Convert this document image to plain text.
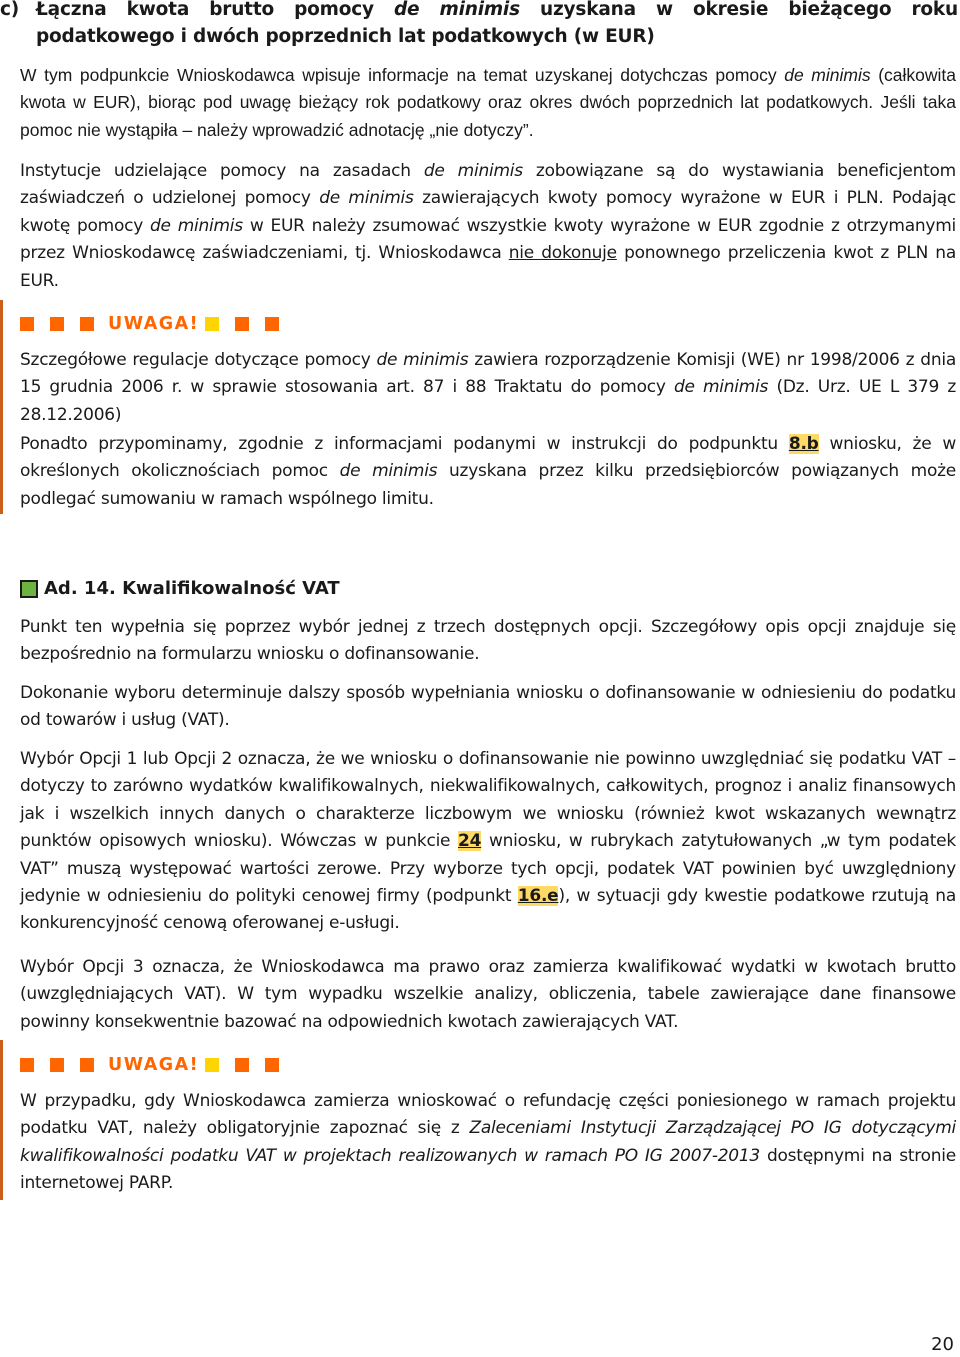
c) Łączna kwota brutto pomocy de minimis uzyskana w okresie bieżącego roku
podatkowego i dwóch poprzednich lat podatkowych (w EUR)

W tym podpunkcie Wnioskodawca wpisuje informacje na temat uzyskanej dotychczas pomocy de minimis (całkowita kwota w EUR), biorąc pod uwagę bieżący rok podatkowy oraz okres dwóch poprzednich lat podatkowych. Jeśli taka pomoc nie wystąpiła – należy wprowadzić adnotację „nie dotyczy”.

Instytucje udzielające pomocy na zasadach de minimis zobowiązane są do wystawiania beneficjentom zaświadczeń o udzielonej pomocy de minimis zawierających kwoty pomocy wyrażone w EUR i PLN. Podając kwotę pomocy de minimis w EUR należy zsumować wszystkie kwoty wyrażone w EUR zgodnie z otrzymanymi przez Wnioskodawcę zaświadczeniami, tj. Wnioskodawca nie dokonuje ponownego przeliczenia kwot z PLN na EUR.

UWAGA!

Szczegółowe regulacje dotyczące pomocy de minimis zawiera rozporządzenie Komisji (WE) nr 1998/2006 z dnia 15 grudnia 2006 r. w sprawie stosowania art. 87 i 88 Traktatu do pomocy de minimis (Dz. Urz. UE L 379 z 28.12.2006)

Ponadto przypominamy, zgodnie z informacjami podanymi w instrukcji do podpunktu 8.b wniosku, że w określonych okolicznościach pomoc de minimis uzyskana przez kilku przedsiębiorców powiązanych może podlegać sumowaniu w ramach wspólnego limitu.

Ad. 14.
Kwalifikowalność VAT

Punkt ten wypełnia się poprzez wybór jednej z trzech dostępnych opcji. Szczegółowy opis opcji znajduje się bezpośrednio na formularzu wniosku o dofinansowanie.

Dokonanie wyboru determinuje dalszy sposób wypełniania wniosku o dofinansowanie w odniesieniu do podatku od towarów i usług (VAT).

Wybór Opcji 1 lub Opcji 2 oznacza, że we wniosku o dofinansowanie nie powinno uwzględniać się podatku VAT – dotyczy to zarówno wydatków kwalifikowalnych, niekwalifikowalnych, całkowitych, prognoz i analiz finansowych jak i wszelkich innych danych o charakterze liczbowym we wniosku (również kwot wskazanych wewnątrz punktów opisowych wniosku). Wówczas w punkcie 24 wniosku, w rubrykach zatytułowanych „w tym podatek VAT” muszą występować wartości zerowe. Przy wyborze tych opcji, podatek VAT powinien być uwzględniony jedynie w odniesieniu do polityki cenowej firmy (podpunkt 16.e), w sytuacji gdy kwestie podatkowe rzutują na konkurencyjność cenową oferowanej e-usługi.

Wybór Opcji 3 oznacza, że Wnioskodawca ma prawo oraz zamierza kwalifikować wydatki w kwotach brutto (uwzględniających VAT). W tym wypadku wszelkie analizy, obliczenia, tabele zawierające dane finansowe powinny konsekwentnie bazować na odpowiednich kwotach zawierających VAT.

UWAGA!

W przypadku, gdy Wnioskodawca zamierza wnioskować o refundację części poniesionego w ramach projektu podatku VAT, należy obligatoryjnie zapoznać się z Zaleceniami Instytucji Zarządzającej PO IG dotyczącymi kwalifikowalności podatku VAT w projektach realizowanych w ramach PO IG 2007-2013 dostępnymi na stronie internetowej PARP.

20
